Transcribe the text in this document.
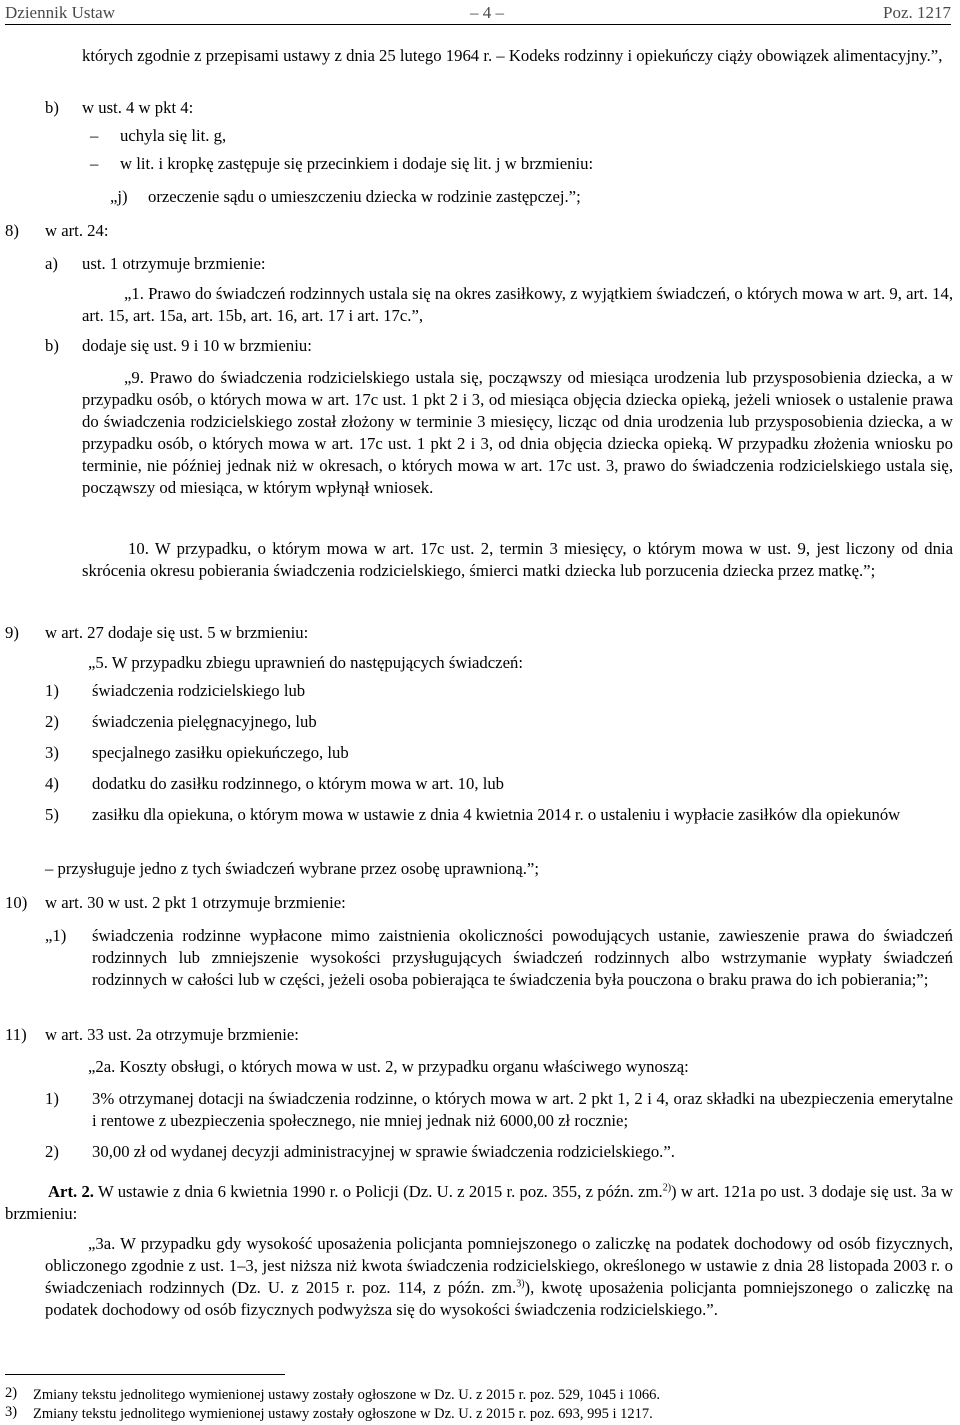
Dziennik Ustaw	– 4 –	Poz. 1217
których zgodnie z przepisami ustawy z dnia 25 lutego 1964 r. – Kodeks rodzinny i opiekuńczy ciąży obowiązek alimentacyjny.”,
b) w ust. 4 w pkt 4:
– uchyla się lit. g,
– w lit. i kropkę zastępuje się przecinkiem i dodaje się lit. j w brzmieniu:
„j) orzeczenie sądu o umieszczeniu dziecka w rodzinie zastępczej.”;
8) w art. 24:
a) ust. 1 otrzymuje brzmienie:
„1. Prawo do świadczeń rodzinnych ustala się na okres zasiłkowy, z wyjątkiem świadczeń, o których mowa w art. 9, art. 14, art. 15, art. 15a, art. 15b, art. 16, art. 17 i art. 17c.”,
b) dodaje się ust. 9 i 10 w brzmieniu:
„9. Prawo do świadczenia rodzicielskiego ustala się, począwszy od miesiąca urodzenia lub przysposobienia dziecka, a w przypadku osób, o których mowa w art. 17c ust. 1 pkt 2 i 3, od miesiąca objęcia dziecka opieką, jeżeli wniosek o ustalenie prawa do świadczenia rodzicielskiego został złożony w terminie 3 miesięcy, licząc od dnia urodzenia lub przysposobienia dziecka, a w przypadku osób, o których mowa w art. 17c ust. 1 pkt 2 i 3, od dnia objęcia dziecka opieką. W przypadku złożenia wniosku po terminie, nie później jednak niż w okresach, o których mowa w art. 17c ust. 3, prawo do świadczenia rodzicielskiego ustala się, począwszy od miesiąca, w którym wpłynął wniosek.
10. W przypadku, o którym mowa w art. 17c ust. 2, termin 3 miesięcy, o którym mowa w ust. 9, jest liczony od dnia skrócenia okresu pobierania świadczenia rodzicielskiego, śmierci matki dziecka lub porzucenia dziecka przez matkę.”;
9) w art. 27 dodaje się ust. 5 w brzmieniu:
„5. W przypadku zbiegu uprawnień do następujących świadczeń:
1) świadczenia rodzicielskiego lub
2) świadczenia pielęgnacyjnego, lub
3) specjalnego zasiłku opiekuńczego, lub
4) dodatku do zasiłku rodzinnego, o którym mowa w art. 10, lub
5) zasiłku dla opiekuna, o którym mowa w ustawie z dnia 4 kwietnia 2014 r. o ustaleniu i wypłacie zasiłków dla opiekunów
– przysługuje jedno z tych świadczeń wybrane przez osobę uprawnioną.”;
10) w art. 30 w ust. 2 pkt 1 otrzymuje brzmienie:
„1) świadczenia rodzinne wypłacone mimo zaistnienia okoliczności powodujących ustanie, zawieszenie prawa do świadczeń rodzinnych lub zmniejszenie wysokości przysługujących świadczeń rodzinnych albo wstrzymanie wypłaty świadczeń rodzinnych w całości lub w części, jeżeli osoba pobierająca te świadczenia była pouczona o braku prawa do ich pobierania;”;
11) w art. 33 ust. 2a otrzymuje brzmienie:
„2a. Koszty obsługi, o których mowa w ust. 2, w przypadku organu właściwego wynoszą:
1) 3% otrzymanej dotacji na świadczenia rodzinne, o których mowa w art. 2 pkt 1, 2 i 4, oraz składki na ubezpieczenia emerytalne i rentowe z ubezpieczenia społecznego, nie mniej jednak niż 6000,00 zł rocznie;
2) 30,00 zł od wydanej decyzji administracyjnej w sprawie świadczenia rodzicielskiego.”.
Art. 2. W ustawie z dnia 6 kwietnia 1990 r. o Policji (Dz. U. z 2015 r. poz. 355, z późn. zm.$^{2)}$) w art. 121a po ust. 3 dodaje się ust. 3a w brzmieniu:
„3a. W przypadku gdy wysokość uposażenia policjanta pomniejszonego o zaliczkę na podatek dochodowy od osób fizycznych, obliczonego zgodnie z ust. 1–3, jest niższa niż kwota świadczenia rodzicielskiego, określonego w ustawie z dnia 28 listopada 2003 r. o świadczeniach rodzinnych (Dz. U. z 2015 r. poz. 114, z późn. zm.$^{3)}$), kwotę uposażenia policjanta pomniejszonego o zaliczkę na podatek dochodowy od osób fizycznych podwyższa się do wysokości świadczenia rodzicielskiego.”.
2) Zmiany tekstu jednolitego wymienionej ustawy zostały ogłoszone w Dz. U. z 2015 r. poz. 529, 1045 i 1066.
3) Zmiany tekstu jednolitego wymienionej ustawy zostały ogłoszone w Dz. U. z 2015 r. poz. 693, 995 i 1217.
